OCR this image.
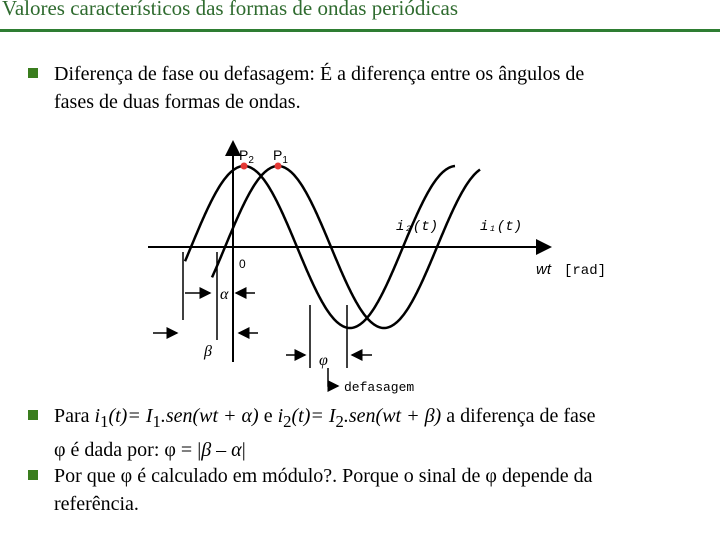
Valores característicos das formas de ondas periódicas
Diferença de fase ou defasagem: É a diferença entre os ângulos de
fases de duas formas de ondas.
$P_2$ $P_1$
i₂(t)	i₁(t)
0	wt [rad]
α
β
φ
defasagem
Para $i_1(t)= I_1.sen(wt + \alpha)$ e $i_2(t)= I_2.sen(wt + \beta)$ a diferença de fase
φ é dada por: φ = |β – α|
Por que φ é calculado em módulo?. Porque o sinal de φ depende da
referência.
